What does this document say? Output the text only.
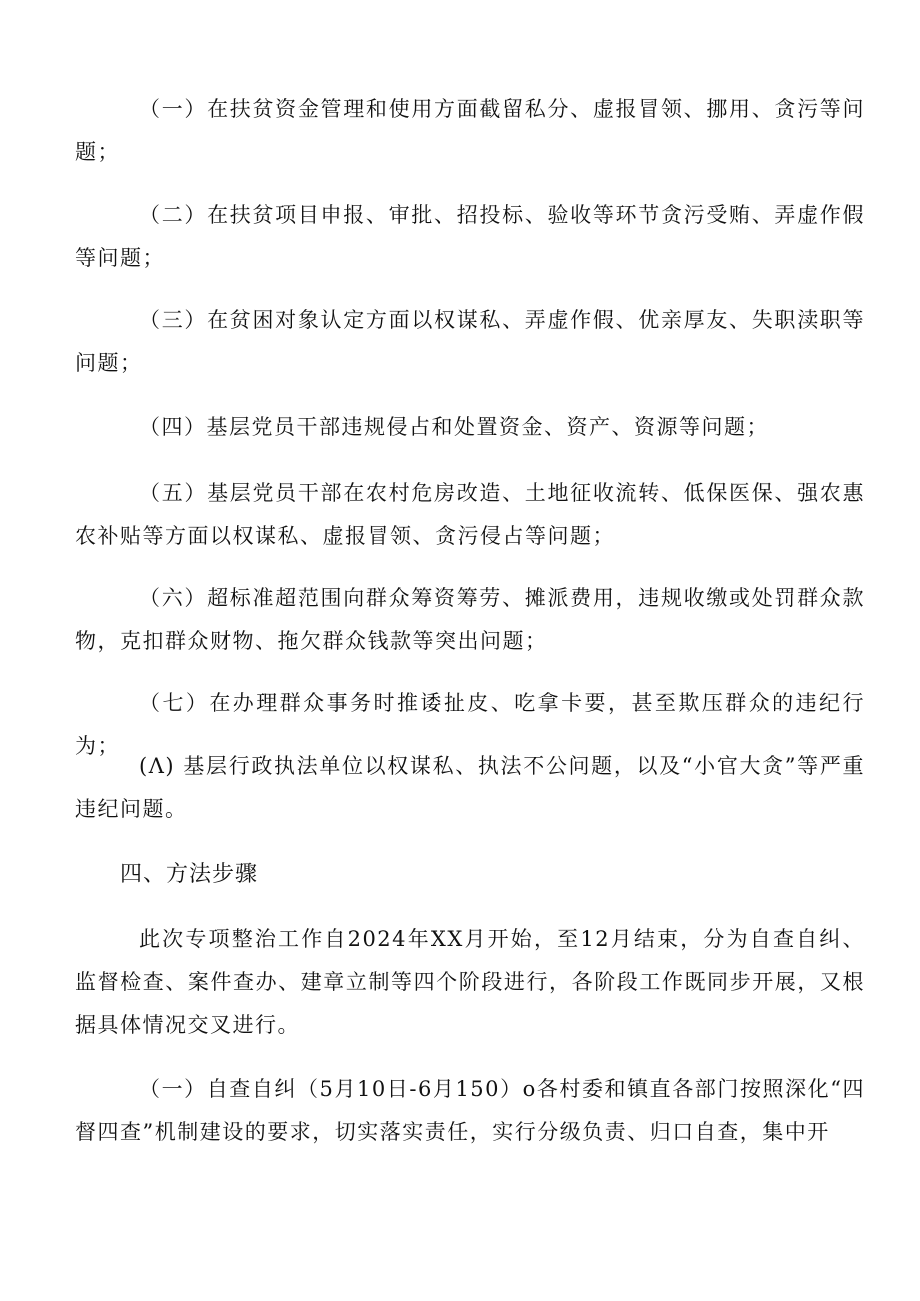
（一）在扶贫资金管理和使用方面截留私分、虚报冒领、挪用、贪污等问题；

（二）在扶贫项目申报、审批、招投标、验收等环节贪污受贿、弄虚作假等问题；

（三）在贫困对象认定方面以权谋私、弄虚作假、优亲厚友、失职渎职等问题；

（四）基层党员干部违规侵占和处置资金、资产、资源等问题；

（五）基层党员干部在农村危房改造、土地征收流转、低保医保、强农惠农补贴等方面以权谋私、虚报冒领、贪污侵占等问题；

（六）超标准超范围向群众筹资筹劳、摊派费用，违规收缴或处罚群众款物，克扣群众财物、拖欠群众钱款等突出问题；

（七）在办理群众事务时推诿扯皮、吃拿卡要，甚至欺压群众的违纪行为；

(Λ) 基层行政执法单位以权谋私、执法不公问题，以及“小官大贪”等严重违纪问题。

四、方法步骤

此次专项整治工作自2024年XX月开始，至12月结束，分为自查自纠、监督检查、案件查办、建章立制等四个阶段进行，各阶段工作既同步开展，又根据具体情况交叉进行。

（一）自查自纠（5月10日-6月150）o各村委和镇直各部门按照深化“四督四查”机制建设的要求，切实落实责任，实行分级负责、归口自查，集中开
